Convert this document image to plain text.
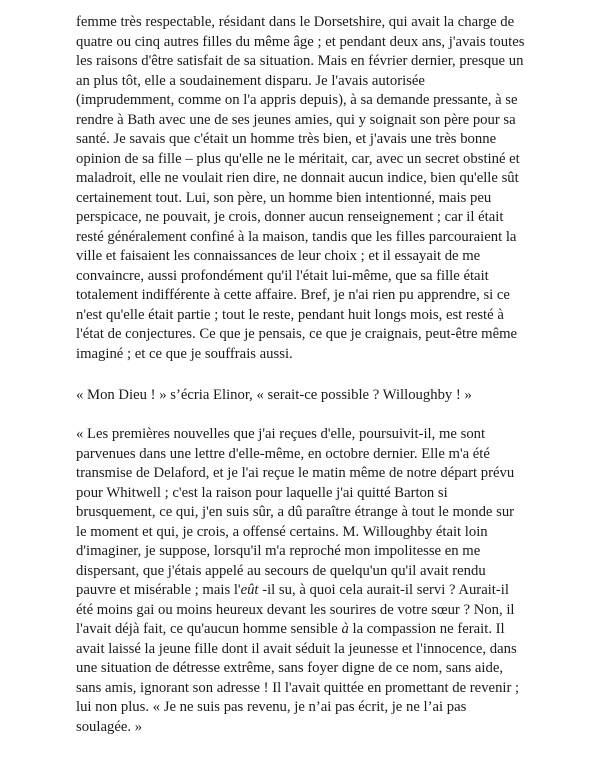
femme très respectable, résidant dans le Dorsetshire, qui avait la charge de
quatre ou cinq autres filles du même âge ; et pendant deux ans, j'avais toutes
les raisons d'être satisfait de sa situation. Mais en février dernier, presque un
an plus tôt, elle a soudainement disparu. Je l'avais autorisée
(imprudemment, comme on l'a appris depuis), à sa demande pressante, à se
rendre à Bath avec une de ses jeunes amies, qui y soignait son père pour sa
santé. Je savais que c'était un homme très bien, et j'avais une très bonne
opinion de sa fille – plus qu'elle ne le méritait, car, avec un secret obstiné et
maladroit, elle ne voulait rien dire, ne donnait aucun indice, bien qu'elle sût
certainement tout. Lui, son père, un homme bien intentionné, mais peu
perspicace, ne pouvait, je crois, donner aucun renseignement ; car il était
resté généralement confiné à la maison, tandis que les filles parcouraient la
ville et faisaient les connaissances de leur choix ; et il essayait de me
convaincre, aussi profondément qu'il l'était lui-même, que sa fille était
totalement indifférente à cette affaire. Bref, je n'ai rien pu apprendre, si ce
n'est qu'elle était partie ; tout le reste, pendant huit longs mois, est resté à
l'état de conjectures. Ce que je pensais, ce que je craignais, peut-être même
imaginé ; et ce que je souffrais aussi.

« Mon Dieu ! » s’écria Elinor, « serait-ce possible ? Willoughby ! »

« Les premières nouvelles que j'ai reçues d'elle, poursuivit-il, me sont
parvenues dans une lettre d'elle-même, en octobre dernier. Elle m'a été
transmise de Delaford, et je l'ai reçue le matin même de notre départ prévu
pour Whitwell ; c'est la raison pour laquelle j'ai quitté Barton si
brusquement, ce qui, j'en suis sûr, a dû paraître étrange à tout le monde sur
le moment et qui, je crois, a offensé certains. M. Willoughby était loin
d'imaginer, je suppose, lorsqu'il m'a reproché mon impolitesse en me
dispersant, que j'étais appelé au secours de quelqu'un qu'il avait rendu
pauvre et misérable ; mais l'eût -il su, à quoi cela aurait-il servi ? Aurait-il
été moins gai ou moins heureux devant les sourires de votre sœur ? Non, il
l'avait déjà fait, ce qu'aucun homme sensible à la compassion ne ferait. Il
avait laissé la jeune fille dont il avait séduit la jeunesse et l'innocence, dans
une situation de détresse extrême, sans foyer digne de ce nom, sans aide,
sans amis, ignorant son adresse ! Il l'avait quittée en promettant de revenir ;
lui non plus. « Je ne suis pas revenu, je n’ai pas écrit, je ne l’ai pas
soulagée. »
